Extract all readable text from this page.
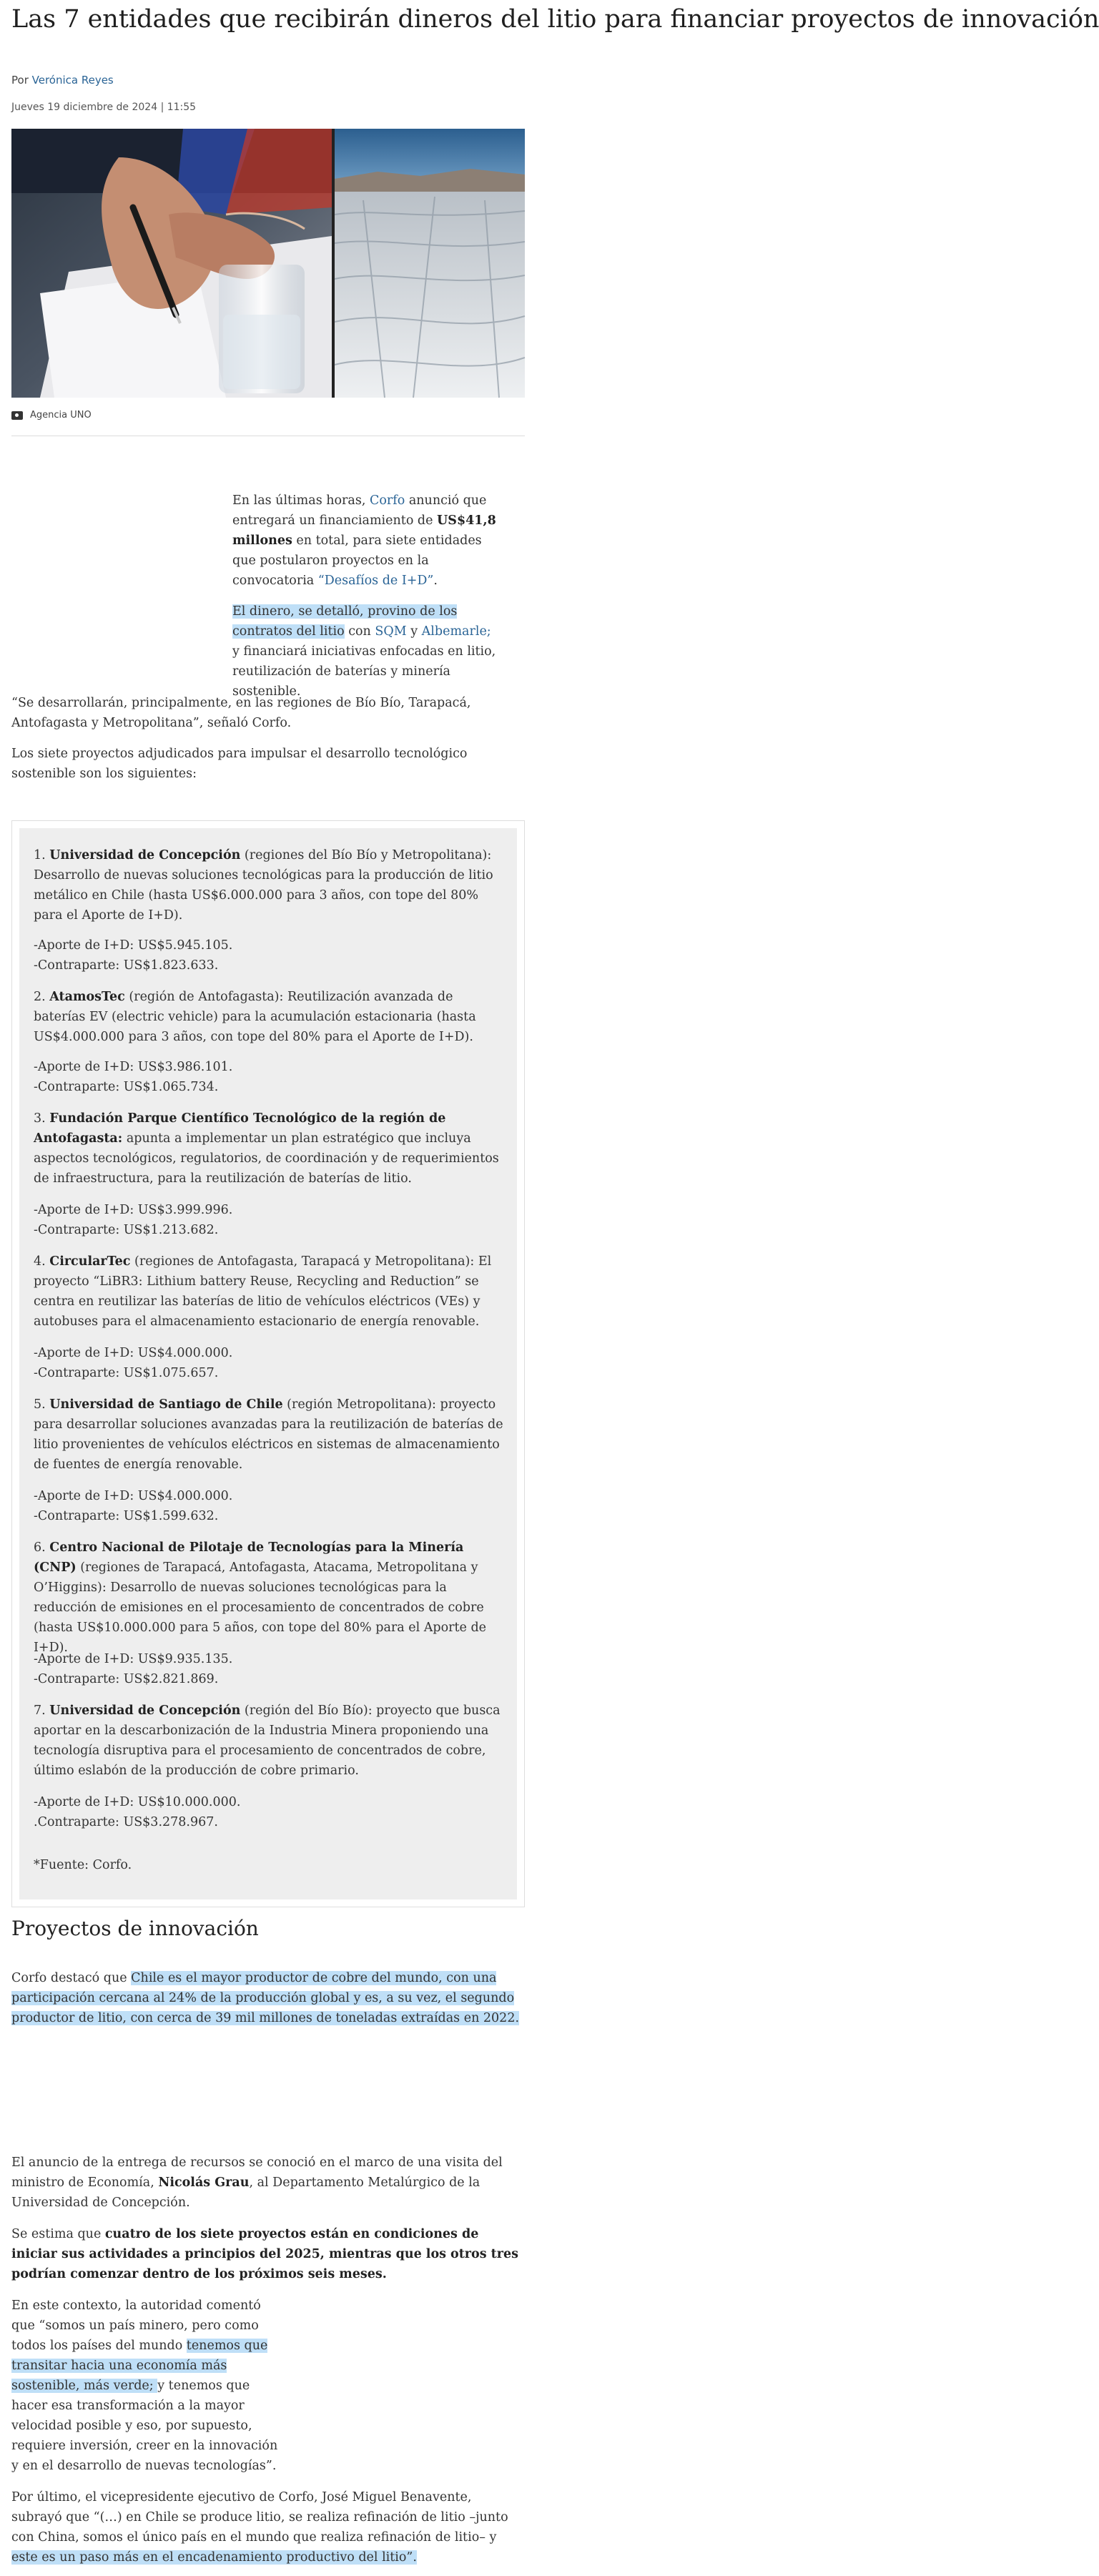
Las 7 entidades que recibirán dineros del litio para financiar proyectos de innovación
Por Verónica Reyes
Jueves 19 diciembre de 2024 | 11:55
Agencia UNO

En las últimas horas, Corfo anunció que entregará un financiamiento de US$41,8 millones en total, para siete entidades que postularon proyectos en la convocatoria “Desafíos de I+D”.

El dinero, se detalló, provino de los contratos del litio con SQM y Albemarle; y financiará iniciativas enfocadas en litio, reutilización de baterías y minería sostenible.

“Se desarrollarán, principalmente, en las regiones de Bío Bío, Tarapacá, Antofagasta y Metropolitana”, señaló Corfo.

Los siete proyectos adjudicados para impulsar el desarrollo tecnológico sostenible son los siguientes:

1. Universidad de Concepción (regiones del Bío Bío y Metropolitana): Desarrollo de nuevas soluciones tecnológicas para la producción de litio metálico en Chile (hasta US$6.000.000 para 3 años, con tope del 80% para el Aporte de I+D).

-Aporte de I+D: US$5.945.105.

-Contraparte: US$1.823.633.

2. AtamosTec (región de Antofagasta): Reutilización avanzada de baterías EV (electric vehicle) para la acumulación estacionaria (hasta US$4.000.000 para 3 años, con tope del 80% para el Aporte de I+D).

-Aporte de I+D: US$3.986.101.

-Contraparte: US$1.065.734.

3. Fundación Parque Científico Tecnológico de la región de Antofagasta: apunta a implementar un plan estratégico que incluya aspectos tecnológicos, regulatorios, de coordinación y de requerimientos de infraestructura, para la reutilización de baterías de litio.

-Aporte de I+D: US$3.999.996.

-Contraparte: US$1.213.682.

4. CircularTec (regiones de Antofagasta, Tarapacá y Metropolitana): El proyecto “LiBR3: Lithium battery Reuse, Recycling and Reduction” se centra en reutilizar las baterías de litio de vehículos eléctricos (VEs) y autobuses para el almacenamiento estacionario de energía renovable.

-Aporte de I+D: US$4.000.000.

-Contraparte: US$1.075.657.

5. Universidad de Santiago de Chile (región Metropolitana): proyecto para desarrollar soluciones avanzadas para la reutilización de baterías de litio provenientes de vehículos eléctricos en sistemas de almacenamiento de fuentes de energía renovable.

-Aporte de I+D: US$4.000.000.

-Contraparte: US$1.599.632.

6. Centro Nacional de Pilotaje de Tecnologías para la Minería (CNP) (regiones de Tarapacá, Antofagasta, Atacama, Metropolitana y O’Higgins): Desarrollo de nuevas soluciones tecnológicas para la reducción de emisiones en el procesamiento de concentrados de cobre (hasta US$10.000.000 para 5 años, con tope del 80% para el Aporte de I+D).

-Aporte de I+D: US$9.935.135.

-Contraparte: US$2.821.869.

7. Universidad de Concepción (región del Bío Bío): proyecto que busca aportar en la descarbonización de la Industria Minera proponiendo una tecnología disruptiva para el procesamiento de concentrados de cobre, último eslabón de la producción de cobre primario.

-Aporte de I+D: US$10.000.000.

.Contraparte: US$3.278.967.

*Fuente: Corfo.

Proyectos de innovación

Corfo destacó que Chile es el mayor productor de cobre del mundo, con una participación cercana al 24% de la producción global y es, a su vez, el segundo productor de litio, con cerca de 39 mil millones de toneladas extraídas en 2022.

El anuncio de la entrega de recursos se conoció en el marco de una visita del ministro de Economía, Nicolás Grau, al Departamento Metalúrgico de la Universidad de Concepción.

Se estima que cuatro de los siete proyectos están en condiciones de iniciar sus actividades a principios del 2025, mientras que los otros tres podrían comenzar dentro de los próximos seis meses.

En este contexto, la autoridad comentó que “somos un país minero, pero como todos los países del mundo tenemos que transitar hacia una economía más sostenible, más verde; y tenemos que hacer esa transformación a la mayor velocidad posible y eso, por supuesto, requiere inversión, creer en la innovación y en el desarrollo de nuevas tecnologías”.

Por último, el vicepresidente ejecutivo de Corfo, José Miguel Benavente, subrayó que “(…) en Chile se produce litio, se realiza refinación de litio –junto con China, somos el único país en el mundo que realiza refinación de litio– y este es un paso más en el encadenamiento productivo del litio”.
